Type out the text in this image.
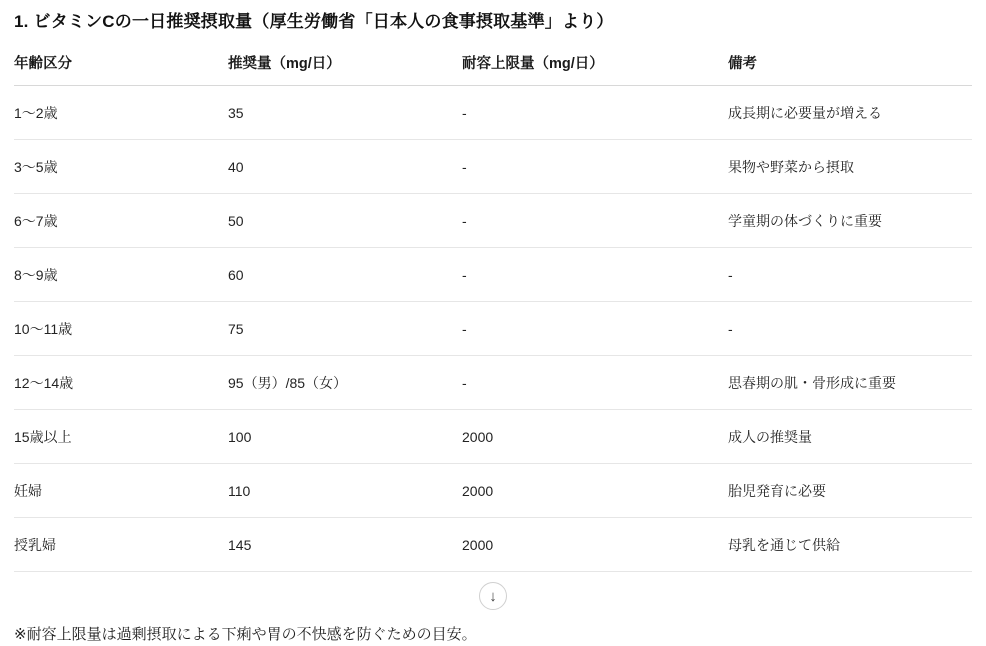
1. ビタミンCの一日推奨摂取量（厚生労働省「日本人の食事摂取基準」より）
年齢区分	推奨量（mg/日）	耐容上限量（mg/日）	備考
1〜2歳	35	-	成長期に必要量が増える
3〜5歳	40	-	果物や野菜から摂取
6〜7歳	50	-	学童期の体づくりに重要
8〜9歳	60	-	-
10〜11歳	75	-	-
12〜14歳	95（男）/85（女）	-	思春期の肌・骨形成に重要
15歳以上	100	2000	成人の推奨量
妊婦	110	2000	胎児発育に必要
授乳婦	145	2000	母乳を通じて供給
↓
※耐容上限量は過剰摂取による下痢や胃の不快感を防ぐための目安。
